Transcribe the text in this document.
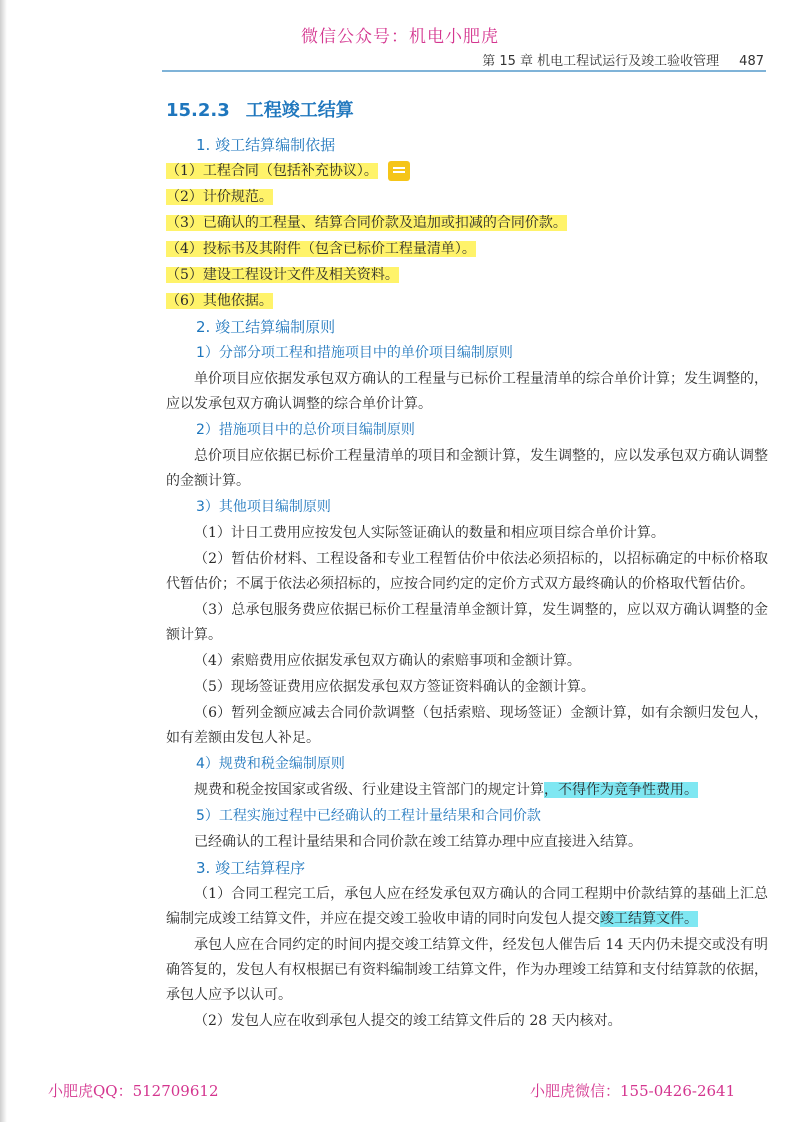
微信公众号：机电小肥虎
第 15 章 机电工程试运行及竣工验收管理 487
15.2.3 工程竣工结算
1. 竣工结算编制依据
（1）工程合同（包括补充协议）。
（2）计价规范。
（3）已确认的工程量、结算合同价款及追加或扣减的合同价款。
（4）投标书及其附件（包含已标价工程量清单）。
（5）建设工程设计文件及相关资料。
（6）其他依据。
2. 竣工结算编制原则
1）分部分项工程和措施项目中的单价项目编制原则
单价项目应依据发承包双方确认的工程量与已标价工程量清单的综合单价计算；发生调整的，应以发承包双方确认调整的综合单价计算。
2）措施项目中的总价项目编制原则
总价项目应依据已标价工程量清单的项目和金额计算，发生调整的，应以发承包双方确认调整的金额计算。
3）其他项目编制原则
（1）计日工费用应按发包人实际签证确认的数量和相应项目综合单价计算。
（2）暂估价材料、工程设备和专业工程暂估价中依法必须招标的，以招标确定的中标价格取代暂估价；不属于依法必须招标的，应按合同约定的定价方式双方最终确认的价格取代暂估价。
（3）总承包服务费应依据已标价工程量清单金额计算，发生调整的，应以双方确认调整的金额计算。
（4）索赔费用应依据发承包双方确认的索赔事项和金额计算。
（5）现场签证费用应依据发承包双方签证资料确认的金额计算。
（6）暂列金额应减去合同价款调整（包括索赔、现场签证）金额计算，如有余额归发包人，如有差额由发包人补足。
4）规费和税金编制原则
规费和税金按国家或省级、行业建设主管部门的规定计算，不得作为竞争性费用。
5）工程实施过程中已经确认的工程计量结果和合同价款
已经确认的工程计量结果和合同价款在竣工结算办理中应直接进入结算。
3. 竣工结算程序
（1）合同工程完工后，承包人应在经发承包双方确认的合同工程期中价款结算的基础上汇总编制完成竣工结算文件，并应在提交竣工验收申请的同时向发包人提交竣工结算文件。
承包人应在合同约定的时间内提交竣工结算文件，经发包人催告后 14 天内仍未提交或没有明确答复的，发包人有权根据已有资料编制竣工结算文件，作为办理竣工结算和支付结算款的依据，承包人应予以认可。
（2）发包人应在收到承包人提交的竣工结算文件后的 28 天内核对。
小肥虎QQ：512709612	小肥虎微信：155-0426-2641
